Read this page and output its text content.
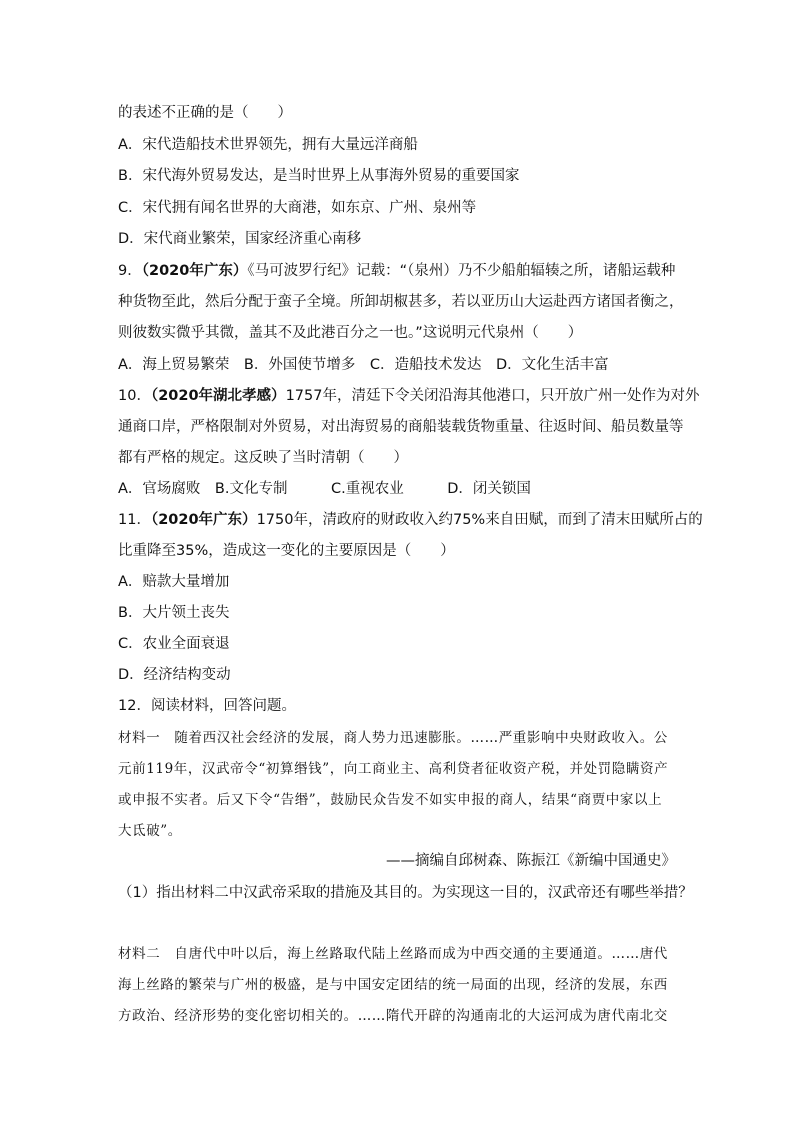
的表述不正确的是（　　）
A．宋代造船技术世界领先，拥有大量远洋商船
B．宋代海外贸易发达，是当时世界上从事海外贸易的重要国家
C．宋代拥有闻名世界的大商港，如东京、广州、泉州等
D．宋代商业繁荣，国家经济重心南移
9．（2020年广东）《马可波罗行纪》记载：“（泉州）乃不少船舶辐辏之所，诸船运载种
种货物至此，然后分配于蛮子全境。所卸胡椒甚多，若以亚历山大运赴西方诸国者衡之，
则彼数实微乎其微，盖其不及此港百分之一也。”这说明元代泉州（　　）
A．海上贸易繁荣　B．外国使节增多　C．造船技术发达　D．文化生活丰富
10．（2020年湖北孝感）1757年，清廷下令关闭沿海其他港口，只开放广州一处作为对外
通商口岸，严格限制对外贸易，对出海贸易的商船装载货物重量、往返时间、船员数量等
都有严格的规定。这反映了当时清朝（　　）
A．官场腐败　B.文化专制　　　C.重视农业　　　D．闭关锁国
11．（2020年广东）1750年，清政府的财政收入约75%来自田赋，而到了清末田赋所占的
比重降至35%，造成这一变化的主要原因是（　　）
A．赔款大量增加
B．大片领土丧失
C．农业全面衰退
D．经济结构变动
12．阅读材料，回答问题。
材料一　随着西汉社会经济的发展，商人势力迅速膨胀。……严重影响中央财政收入。公
元前119年，汉武帝令“初算缗钱”，向工商业主、高利贷者征收资产税，并处罚隐瞒资产
或申报不实者。后又下令“告缗”，鼓励民众告发不如实申报的商人，结果“商贾中家以上
大氐破”。
——摘编自邱树森、陈振江《新编中国通史》
（1）指出材料二中汉武帝采取的措施及其目的。为实现这一目的，汉武帝还有哪些举措？
材料二　自唐代中叶以后，海上丝路取代陆上丝路而成为中西交通的主要通道。……唐代
海上丝路的繁荣与广州的极盛，是与中国安定团结的统一局面的出现，经济的发展，东西
方政治、经济形势的变化密切相关的。……隋代开辟的沟通南北的大运河成为唐代南北交
